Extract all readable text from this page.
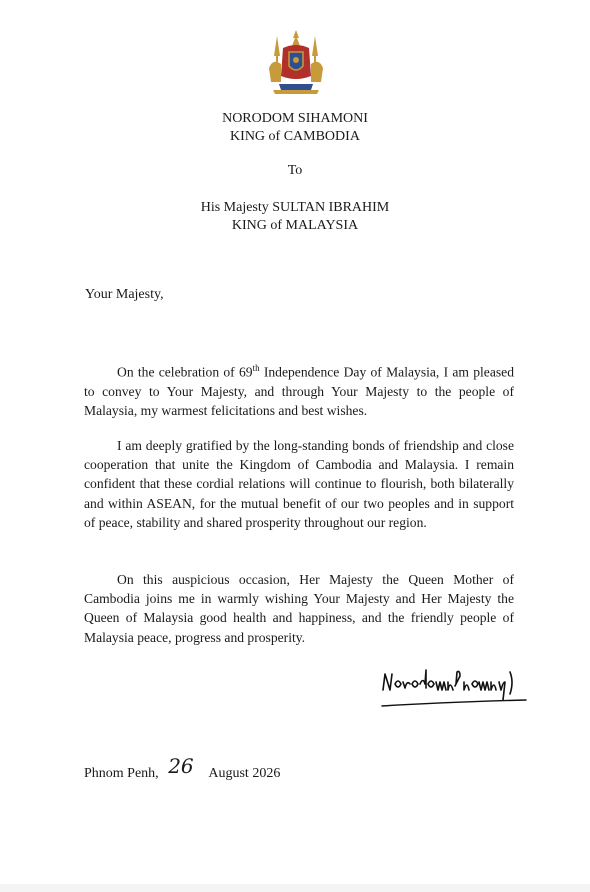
NORODOM SIHAMONI
KING of CAMBODIA
To
His Majesty SULTAN IBRAHIM
KING of MALAYSIA
Your Majesty,

On the celebration of 69th Independence Day of Malaysia, I am pleased to convey to Your Majesty, and through Your Majesty to the people of Malaysia, my warmest felicitations and best wishes.

I am deeply gratified by the long-standing bonds of friendship and close cooperation that unite the Kingdom of Cambodia and Malaysia. I remain confident that these cordial relations will continue to flourish, both bilaterally and within ASEAN, for the mutual benefit of our two peoples and in support of peace, stability and shared prosperity throughout our region.

On this auspicious occasion, Her Majesty the Queen Mother of Cambodia joins me in warmly wishing Your Majesty and Her Majesty the Queen of Malaysia good health and happiness, and the friendly people of Malaysia peace, progress and prosperity.

Phnom Penh, 26 August 2026
